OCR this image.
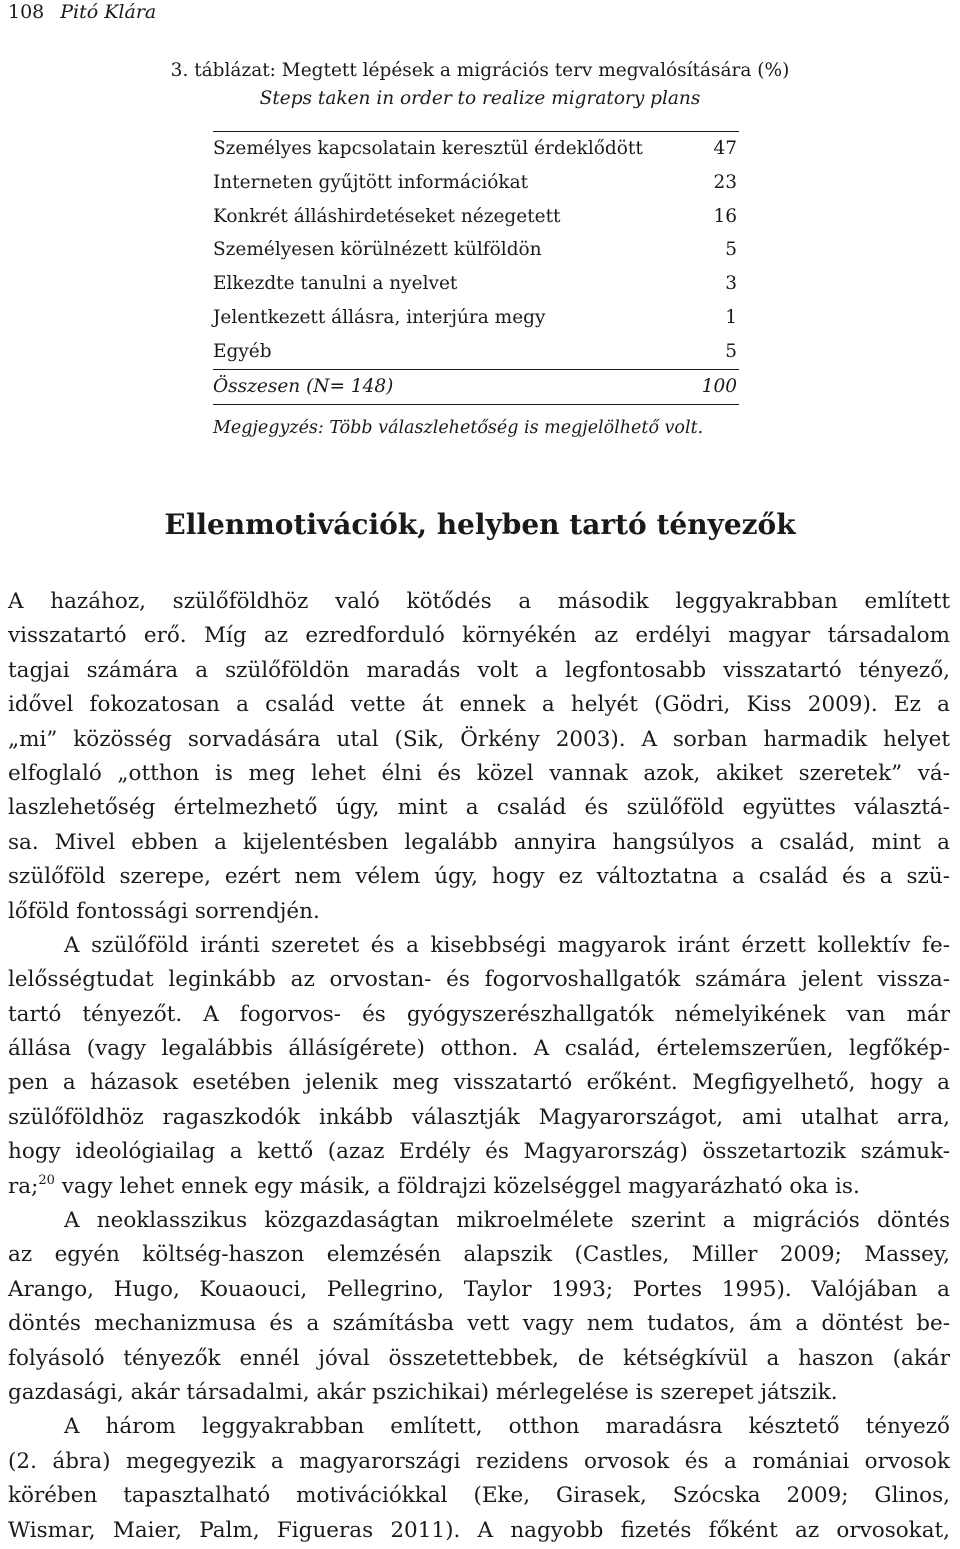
108 Pitó Klára
3. táblázat: Megtett lépések a migrációs terv megvalósítására (%)
Steps taken in order to realize migratory plans
Személyes kapcsolatain keresztül érdeklődött	47
Interneten gyűjtött információkat	23
Konkrét álláshirdetéseket nézegetett	16
Személyesen körülnézett külföldön	5
Elkezdte tanulni a nyelvet	3
Jelentkezett állásra, interjúra megy	1
Egyéb	5
Összesen (N= 148)	100
Megjegyzés: Több válaszlehetőség is megjelölhető volt.
Ellenmotivációk, helyben tartó tényezők
A hazához, szülőföldhöz való kötődés a második leggyakrabban említett
visszatartó erő. Míg az ezredforduló környékén az erdélyi magyar társadalom
tagjai számára a szülőföldön maradás volt a legfontosabb visszatartó tényező,
idővel fokozatosan a család vette át ennek a helyét (Gödri, Kiss 2009). Ez a
„mi” közösség sorvadására utal (Sik, Örkény 2003). A sorban harmadik helyet
elfoglaló „otthon is meg lehet élni és közel vannak azok, akiket szeretek” vá-
laszlehetőség értelmezhető úgy, mint a család és szülőföld együttes választá-
sa. Mivel ebben a kijelentésben legalább annyira hangsúlyos a család, mint a
szülőföld szerepe, ezért nem vélem úgy, hogy ez változtatna a család és a szü-
lőföld fontossági sorrendjén.
A szülőföld iránti szeretet és a kisebbségi magyarok iránt érzett kollektív fe-
lelősségtudat leginkább az orvostan- és fogorvoshallgatók számára jelent vissza-
tartó tényezőt. A fogorvos- és gyógyszerészhallgatók némelyikének van már
állása (vagy legalábbis állásígérete) otthon. A család, értelemszerűen, legfőkép-
pen a házasok esetében jelenik meg visszatartó erőként. Megfigyelhető, hogy a
szülőföldhöz ragaszkodók inkább választják Magyarországot, ami utalhat arra,
hogy ideológiailag a kettő (azaz Erdély és Magyarország) összetartozik számuk-
ra;$^{20}$ vagy lehet ennek egy másik, a földrajzi közelséggel magyarázható oka is.
A neoklasszikus közgazdaságtan mikroelmélete szerint a migrációs döntés
az egyén költség-haszon elemzésén alapszik (Castles, Miller 2009; Massey,
Arango, Hugo, Kouaouci, Pellegrino, Taylor 1993; Portes 1995). Valójában a
döntés mechanizmusa és a számításba vett vagy nem tudatos, ám a döntést be-
folyásoló tényezők ennél jóval összetettebbek, de kétségkívül a haszon (akár
gazdasági, akár társadalmi, akár pszichikai) mérlegelése is szerepet játszik.
A három leggyakrabban említett, otthon maradásra késztető tényező
(2. ábra) megegyezik a magyarországi rezidens orvosok és a romániai orvosok
körében tapasztalható motivációkkal (Eke, Girasek, Szócska 2009; Glinos,
Wismar, Maier, Palm, Figueras 2011). A nagyobb fizetés főként az orvosokat,
